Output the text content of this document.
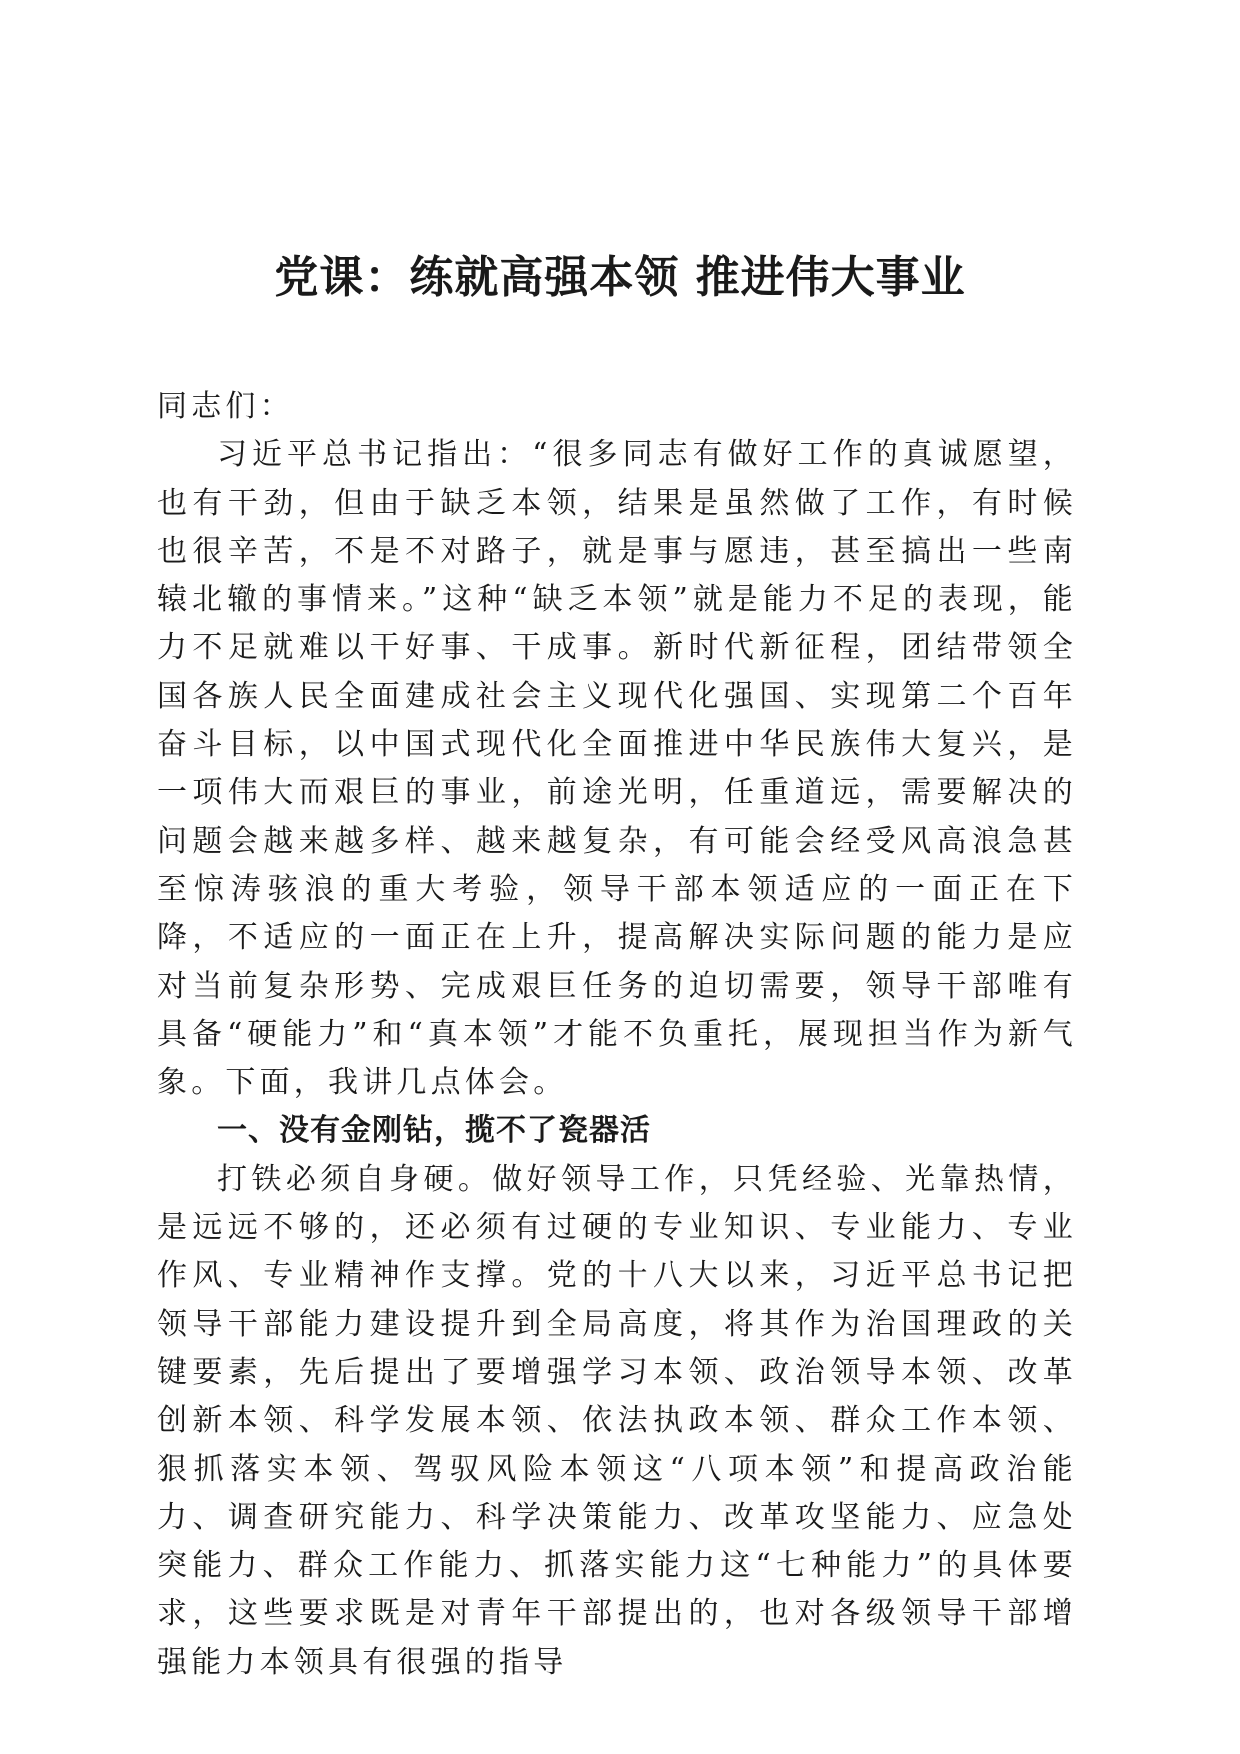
党课：练就高强本领 推进伟大事业

同志们：

习近平总书记指出：“很多同志有做好工作的真诚愿望，也有干劲，但由于缺乏本领，结果是虽然做了工作，有时候也很辛苦，不是不对路子，就是事与愿违，甚至搞出一些南辕北辙的事情来。”这种“缺乏本领”就是能力不足的表现，能力不足就难以干好事、干成事。新时代新征程，团结带领全国各族人民全面建成社会主义现代化强国、实现第二个百年奋斗目标，以中国式现代化全面推进中华民族伟大复兴，是一项伟大而艰巨的事业，前途光明，任重道远，需要解决的问题会越来越多样、越来越复杂，有可能会经受风高浪急甚至惊涛骇浪的重大考验，领导干部本领适应的一面正在下降，不适应的一面正在上升，提高解决实际问题的能力是应对当前复杂形势、完成艰巨任务的迫切需要，领导干部唯有具备“硬能力”和“真本领”才能不负重托，展现担当作为新气象。下面，我讲几点体会。

一、没有金刚钻，揽不了瓷器活

打铁必须自身硬。做好领导工作，只凭经验、光靠热情，是远远不够的，还必须有过硬的专业知识、专业能力、专业作风、专业精神作支撑。党的十八大以来，习近平总书记把领导干部能力建设提升到全局高度，将其作为治国理政的关键要素，先后提出了要增强学习本领、政治领导本领、改革创新本领、科学发展本领、依法执政本领、群众工作本领、狠抓落实本领、驾驭风险本领这“八项本领”和提高政治能力、调查研究能力、科学决策能力、改革攻坚能力、应急处突能力、群众工作能力、抓落实能力这“七种能力”的具体要求，这些要求既是对青年干部提出的，也对各级领导干部增强能力本领具有很强的指导
